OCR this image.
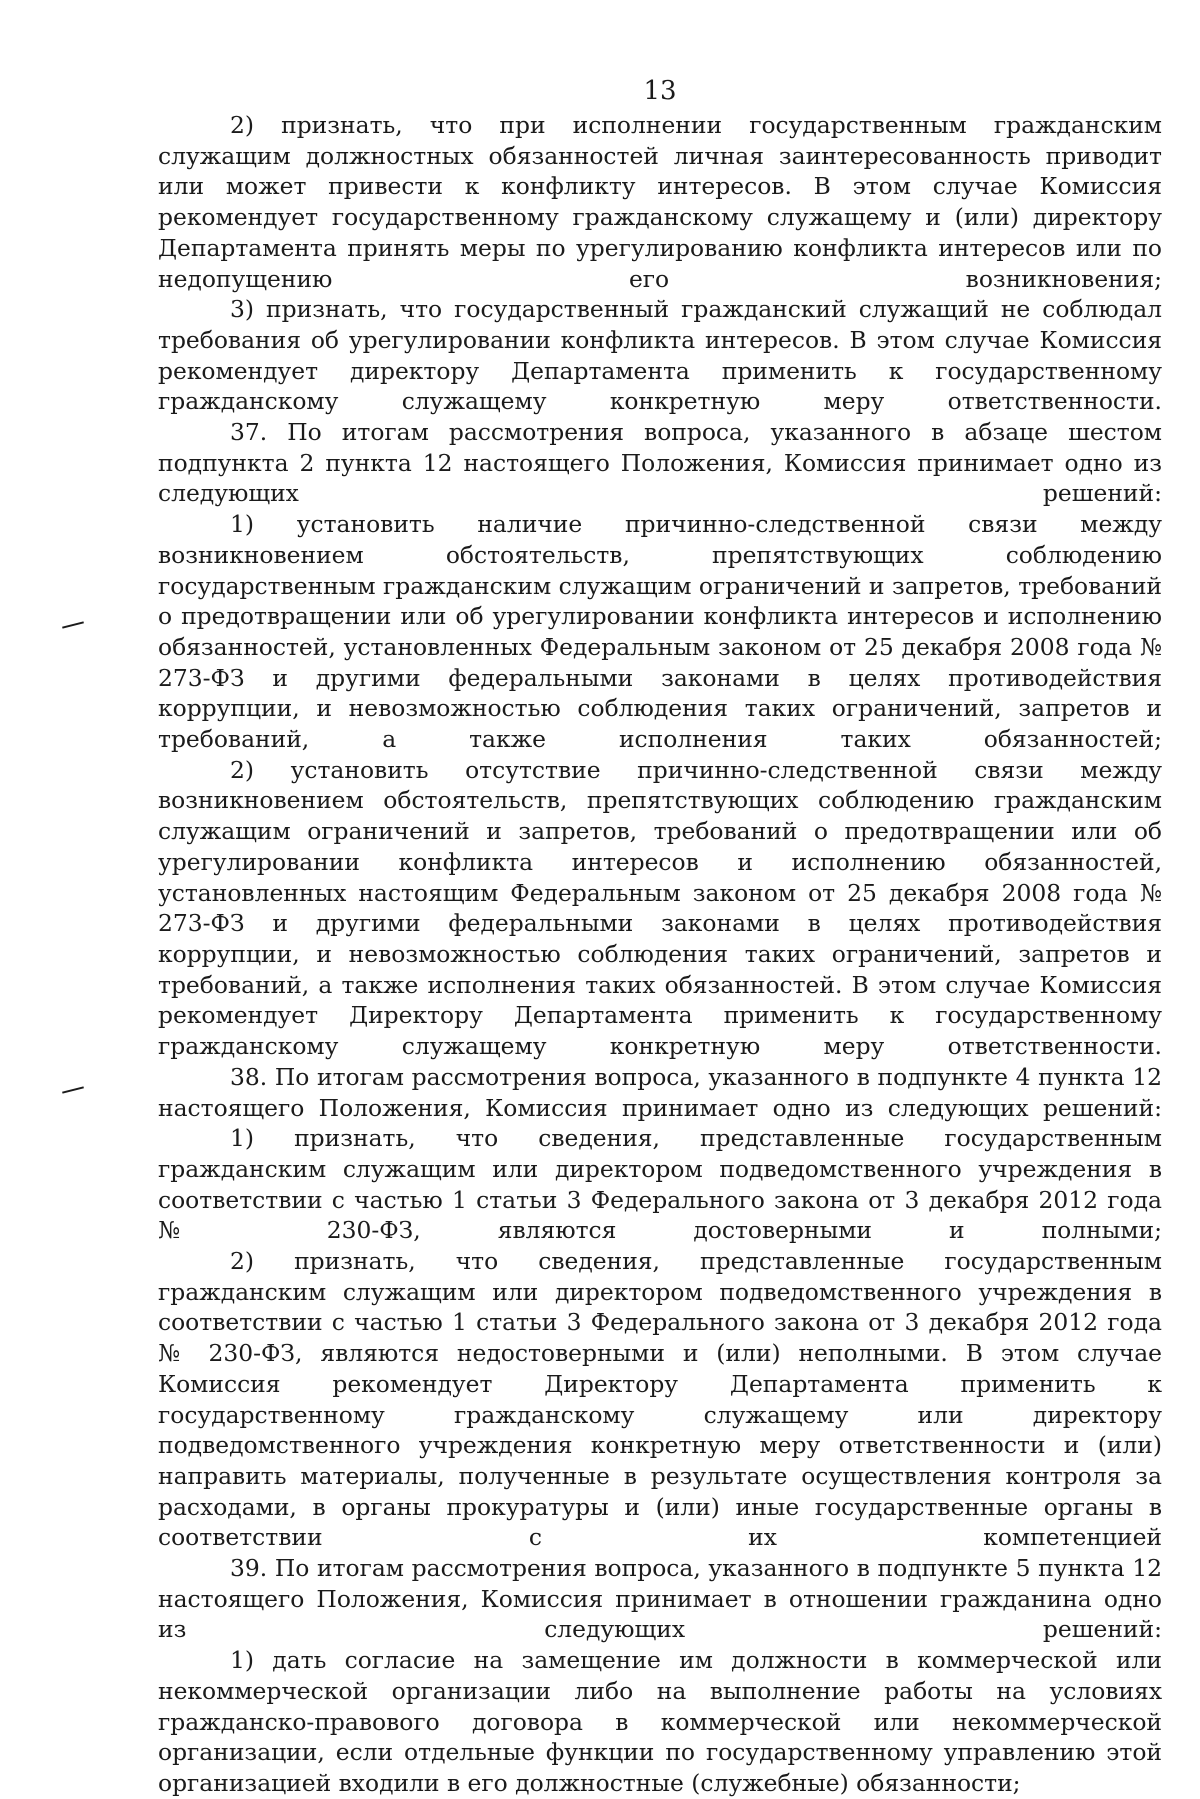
13

2) признать, что при исполнении государственным гражданским служащим должностных обязанностей личная заинтересованность приводит или может привести к конфликту интересов. В этом случае Комиссия рекомендует государственному гражданскому служащему и (или) директору Департамента принять меры по урегулированию конфликта интересов или по недопущению его возникновения;

3) признать, что государственный гражданский служащий не соблюдал требования об урегулировании конфликта интересов. В этом случае Комиссия рекомендует директору Департамента применить к государственному гражданскому служащему	конкретную меру ответственности.

37. По итогам рассмотрения вопроса, указанного в абзаце шестом подпункта 2 пункта 12 настоящего Положения, Комиссия принимает одно из следующих решений:

1) установить наличие причинно-следственной связи между возникновением	обстоятельств, препятствующих соблюдению государственным гражданским служащим ограничений и запретов, требований о предотвращении или об урегулировании конфликта интересов и исполнению обязанностей, установленных Федеральным законом от 25 декабря 2008 года № 273-ФЗ и другими федеральными законами в целях противодействия коррупции, и невозможностью соблюдения таких ограничений, запретов и требований, а также исполнения таких обязанностей;

2) установить отсутствие причинно-следственной связи между возникновением обстоятельств, препятствующих соблюдению гражданским служащим ограничений и запретов, требований о предотвращении или об урегулировании конфликта интересов и исполнению обязанностей, установленных настоящим Федеральным законом от 25 декабря 2008 года № 273-ФЗ и другими федеральными законами в целях противодействия коррупции, и невозможностью соблюдения таких ограничений, запретов и требований, а также исполнения таких обязанностей. В этом случае Комиссия рекомендует Директору Департамента применить к государственному гражданскому	служащему конкретную меру ответственности.

38. По итогам рассмотрения вопроса, указанного в подпункте 4 пункта 12 настоящего Положения, Комиссия принимает одно из следующих решений:

1) признать, что сведения, представленные государственным гражданским служащим или директором подведомственного учреждения в соответствии с частью 1 статьи 3 Федерального закона от 3 декабря 2012 года № 230-ФЗ, являются достоверными	и полными;

2) признать, что сведения, представленные государственным гражданским служащим или директором подведомственного учреждения в соответствии с частью 1 статьи 3 Федерального закона от 3 декабря 2012 года № 230-ФЗ, являются недостоверными и (или) неполными. В этом случае Комиссия рекомендует Директору Департамента применить к государственному гражданскому служащему или директору подведомственного учреждения конкретную меру ответственности и (или) направить материалы, полученные в результате осуществления контроля за расходами, в органы прокуратуры и (или) иные государственные органы в соответствии с их компетенцией

39. По итогам рассмотрения вопроса, указанного в подпункте 5 пункта 12 настоящего Положения, Комиссия принимает в отношении гражданина одно из следующих решений:

1) дать согласие на замещение им должности в коммерческой или некоммерческой организации либо на выполнение работы на условиях гражданско-правового договора в коммерческой или некоммерческой организации, если отдельные функции по государственному управлению этой организацией входили в его должностные (служебные) обязанности;
